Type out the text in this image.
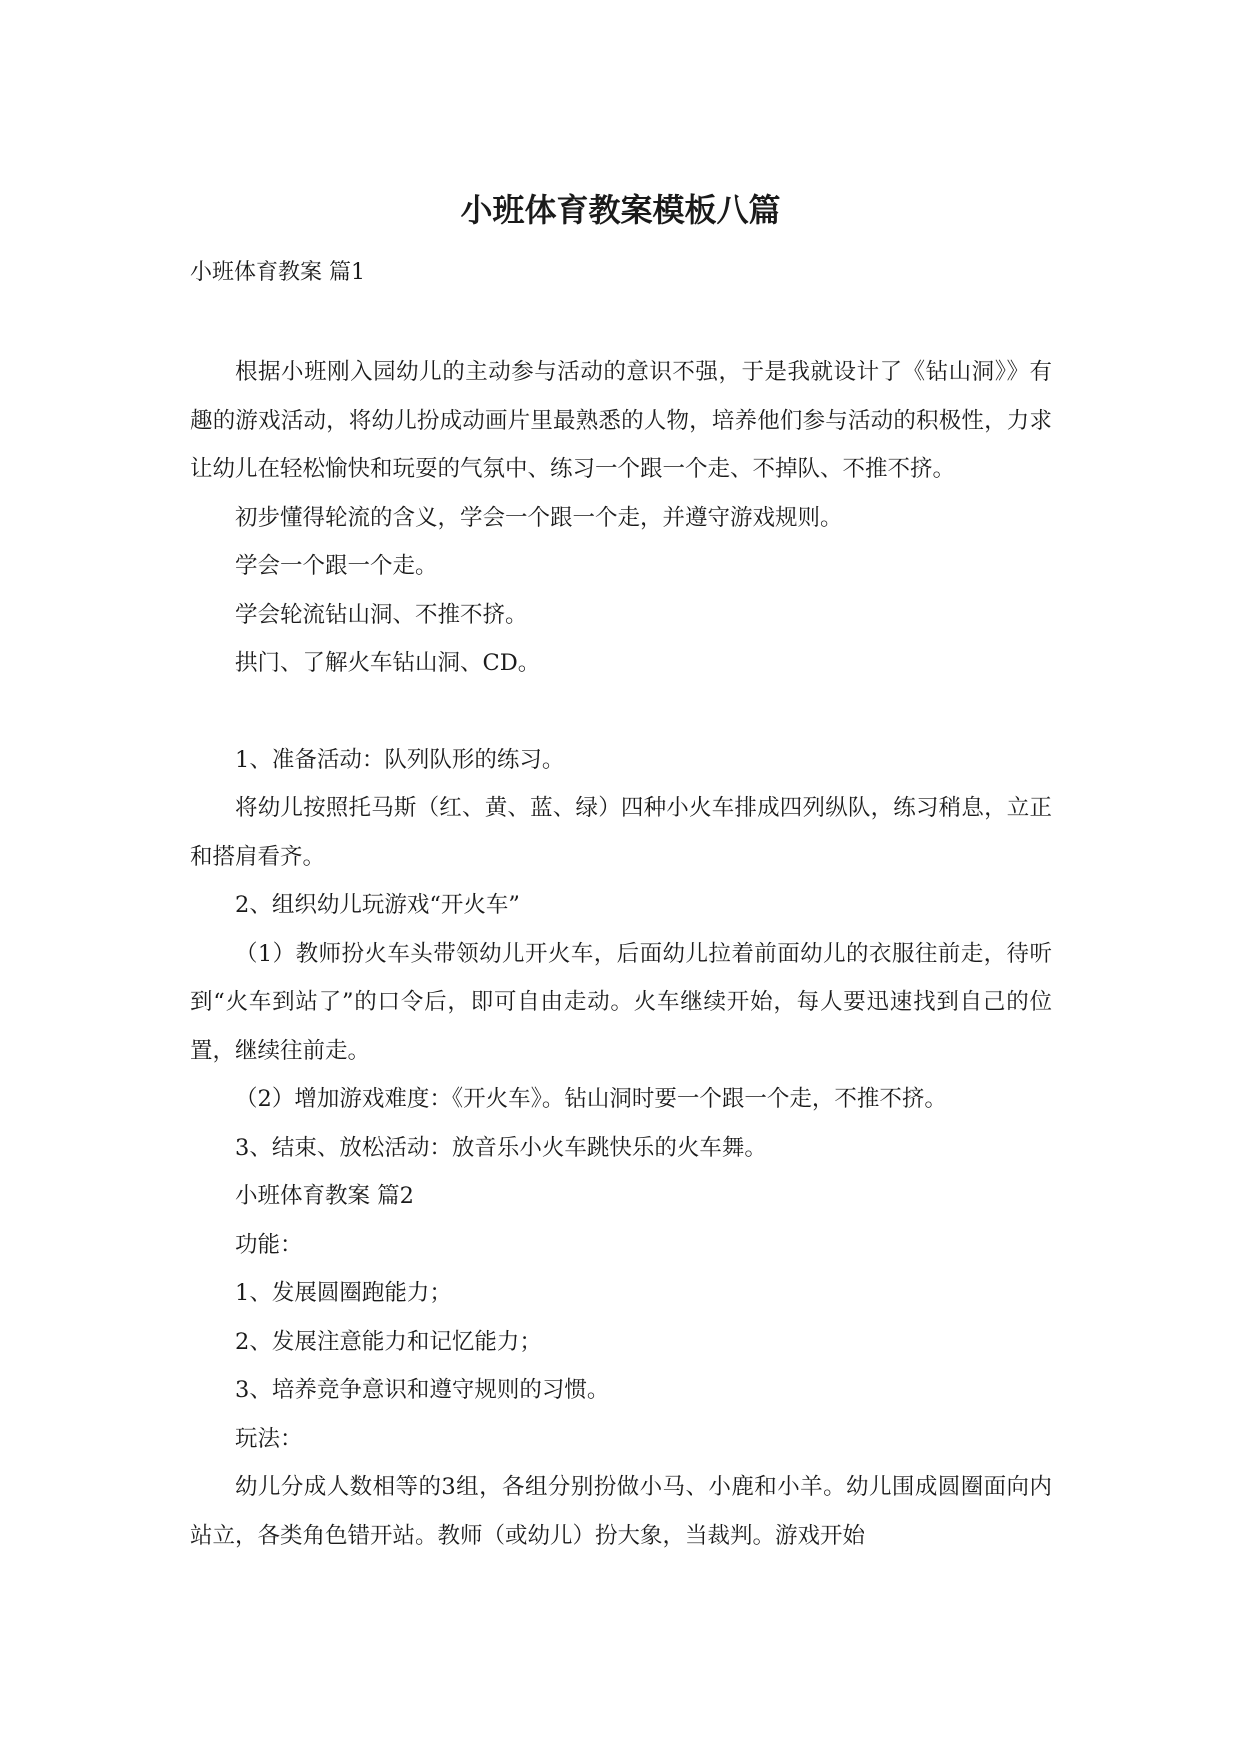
小班体育教案模板八篇
小班体育教案 篇1

根据小班刚入园幼儿的主动参与活动的意识不强，于是我就设计了《钻山洞》》有趣的游戏活动，将幼儿扮成动画片里最熟悉的人物，培养他们参与活动的积极性，力求让幼儿在轻松愉快和玩耍的气氛中、练习一个跟一个走、不掉队、不推不挤。

初步懂得轮流的含义，学会一个跟一个走，并遵守游戏规则。

学会一个跟一个走。

学会轮流钻山洞、不推不挤。

拱门、了解火车钻山洞、CD。

1、准备活动：队列队形的练习。

将幼儿按照托马斯（红、黄、蓝、绿）四种小火车排成四列纵队，练习稍息，立正和搭肩看齐。

2、组织幼儿玩游戏“开火车”

（1）教师扮火车头带领幼儿开火车，后面幼儿拉着前面幼儿的衣服往前走，待听到“火车到站了”的口令后，即可自由走动。火车继续开始，每人要迅速找到自己的位置，继续往前走。

（2）增加游戏难度：《开火车》。钻山洞时要一个跟一个走，不推不挤。

3、结束、放松活动：放音乐小火车跳快乐的火车舞。

小班体育教案 篇2

功能：

1、发展圆圈跑能力；

2、发展注意能力和记忆能力；

3、培养竞争意识和遵守规则的习惯。

玩法：

幼儿分成人数相等的3组，各组分别扮做小马、小鹿和小羊。幼儿围成圆圈面向内站立，各类角色错开站。教师（或幼儿）扮大象，当裁判。游戏开始
